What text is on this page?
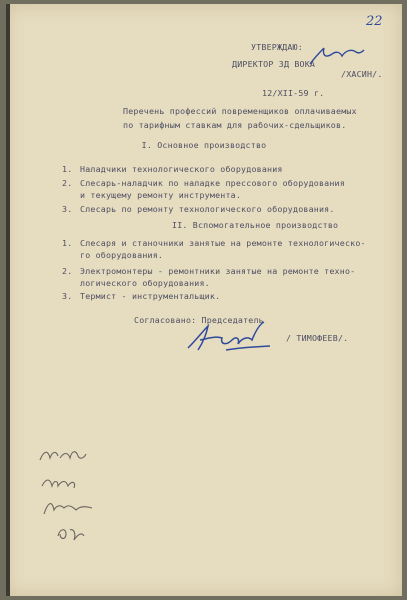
22
УТВЕРЖДАЮ:
ДИРЕКТОР ЗД ВОКА
/ХАСИН/.
12/XII-59 г.
Перечень профессий повременщиков оплачиваемых
по тарифным ставкам для рабочих-сдельщиков.
I. Основное производство
1. Наладчики технологического оборудования
2. Слесарь-наладчик по наладке прессового оборудования
и текущему ремонту инструмента.
3. Слесарь по ремонту технологического оборудования.
II. Вспомогательное производство
1. Слесаря и станочники занятые на ремонте технологическо-
го оборудования.
2. Электромонтеры - ремонтники занятые на ремонте техно-
логического оборудования.
3. Термист - инструментальщик.
Согласовано: Председатель
/ ТИМОФЕЕВ/.
